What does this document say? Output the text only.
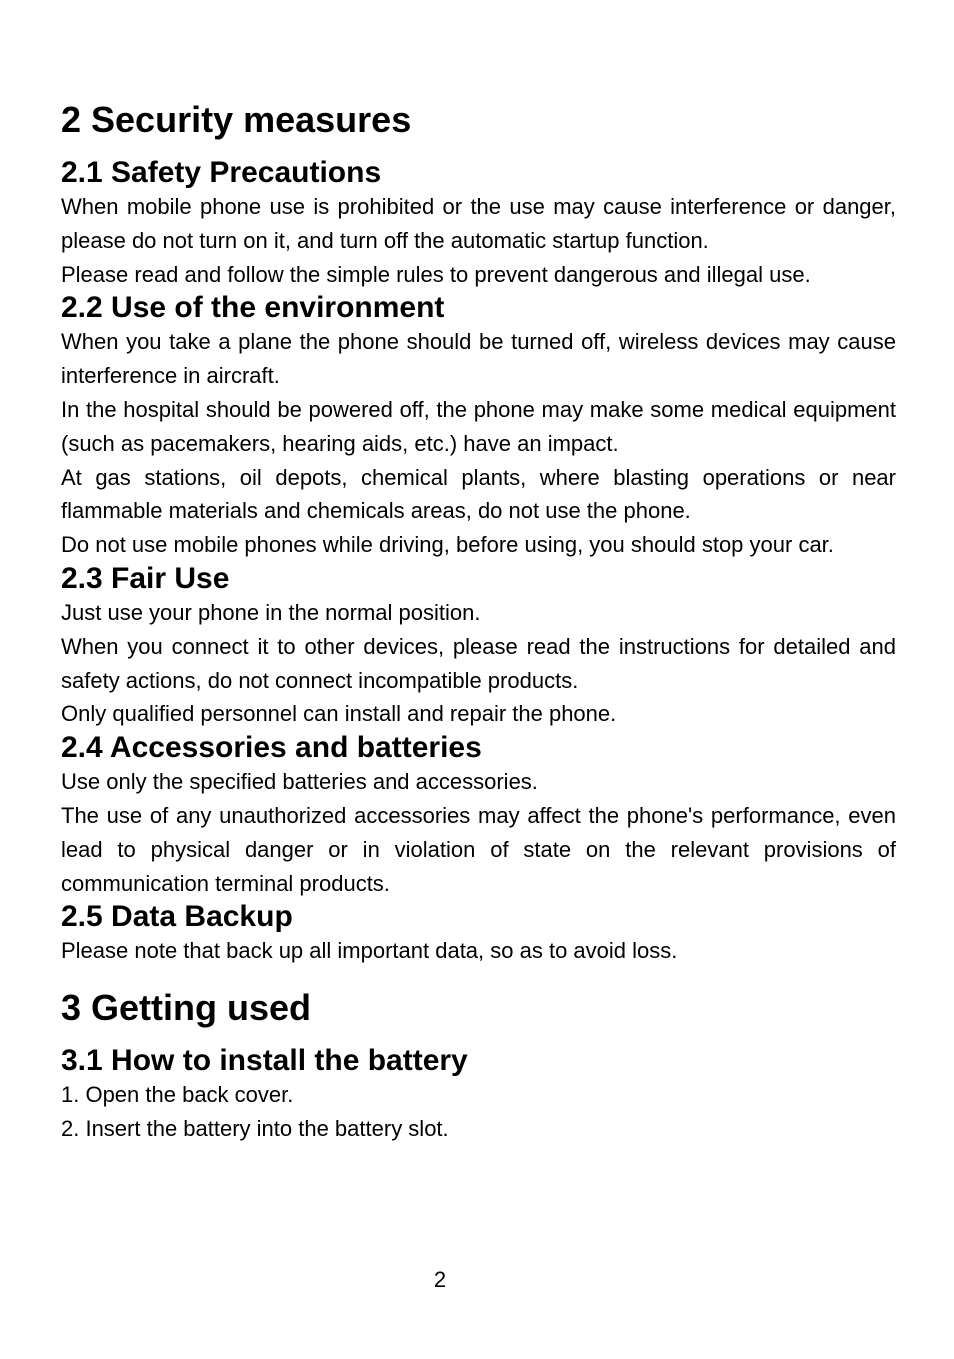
2 Security measures
2.1 Safety Precautions

When mobile phone use is prohibited or the use may cause interference or danger, please do not turn on it, and turn off the automatic startup function.

Please read and follow the simple rules to prevent dangerous and illegal use.

2.2 Use of the environment

When you take a plane the phone should be turned off, wireless devices may cause interference in aircraft.

In the hospital should be powered off, the phone may make some medical equipment (such as pacemakers, hearing aids, etc.) have an impact.

At gas stations, oil depots, chemical plants, where blasting operations or near flammable materials and chemicals areas, do not use the phone.

Do not use mobile phones while driving, before using, you should stop your car.

2.3 Fair Use

Just use your phone in the normal position.

When you connect it to other devices, please read the instructions for detailed and safety actions, do not connect incompatible products.

Only qualified personnel can install and repair the phone.

2.4 Accessories and batteries

Use only the specified batteries and accessories.

The use of any unauthorized accessories may affect the phone's performance, even lead to physical danger or in violation of state on the relevant provisions of communication terminal products.

2.5 Data Backup

Please note that back up all important data, so as to avoid loss.

3 Getting used
3.1 How to install the battery

1. Open the back cover.

2. Insert the battery into the battery slot.

2
